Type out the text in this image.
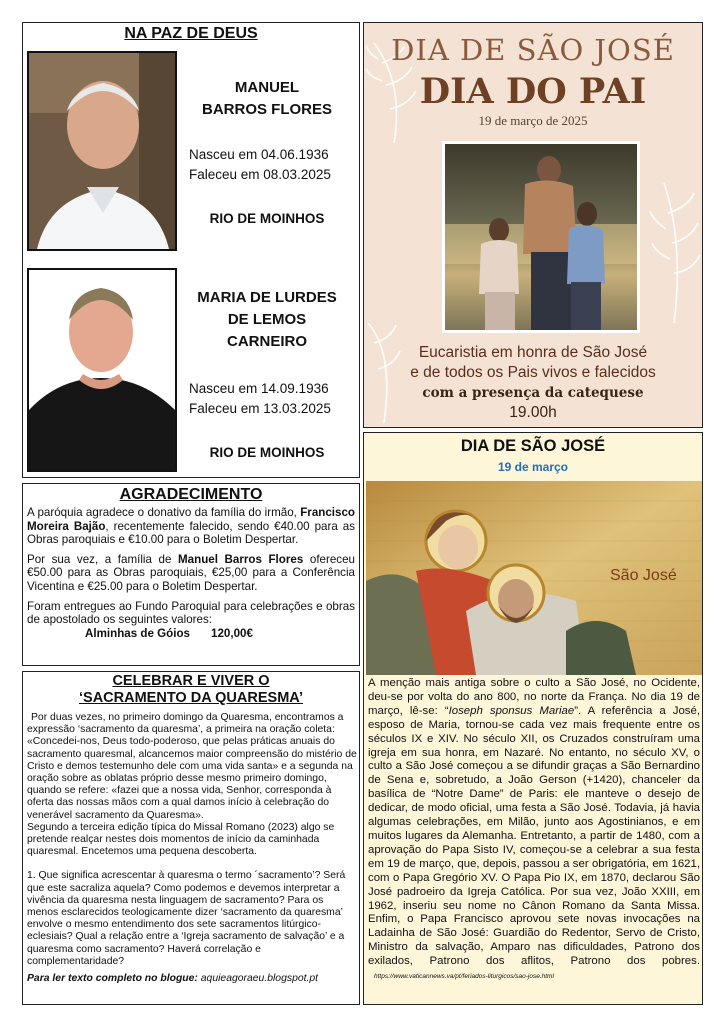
NA PAZ DE DEUS
MANUEL
BARROS FLORES
Nasceu em 04.06.1936
Faleceu em 08.03.2025
RIO DE MOINHOS
MARIA DE LURDES
DE LEMOS
CARNEIRO
Nasceu em 14.09.1936
Faleceu em 13.03.2025
RIO DE MOINHOS
AGRADECIMENTO

A paróquia agradece o donativo da família do irmão, Francisco Moreira Bajão, recentemente falecido, sendo €40.00 para as Obras paroquiais e €10.00 para o Boletim Despertar.

Por sua vez, a família de Manuel Barros Flores ofereceu €50.00 para as Obras paroquiais, €25,00 para a Conferência Vicentina e €25.00 para o Boletim Despertar.

Foram entregues ao Fundo Paroquial para celebrações e obras de apostolado os seguintes valores:

Alminhas de Góios 120,00€
CELEBRAR E VIVER O
‘SACRAMENTO DA QUARESMA’

Por duas vezes, no primeiro domingo da Quaresma, encontramos a expressão ‘sacramento da quaresma’, a primeira na oração coleta: «Concedei-nos, Deus todo-poderoso, que pelas práticas anuais do sacramento quaresmal, alcancemos maior compreensão do mistério de Cristo e demos testemunho dele com uma vida santa» e a segunda na oração sobre as oblatas próprio desse mesmo primeiro domingo, quando se refere: «fazei que a nossa vida, Senhor, corresponda à oferta das nossas mãos com a qual damos início à celebração do venerável sacramento da Quaresma».

Segundo a terceira edição típica do Missal Romano (2023) algo se pretende realçar nestes dois momentos de início da caminhada quaresmal. Encetemos uma pequena descoberta.

1. Que significa acrescentar à quaresma o termo ´sacramento’? Será que este sacraliza aquela? Como podemos e devemos interpretar a vivência da quaresma nesta linguagem de sacramento? Para os menos esclarecidos teologicamente dizer ‘sacramento da quaresma’ envolve o mesmo entendimento dos sete sacramentos litúrgico-eclesiais? Qual a relação entre a ‘Igreja sacramento de salvação’ e a quaresma como sacramento? Haverá correlação e complementaridade?

Para ler texto completo no blogue: aquieagoraeu.blogspot.pt

DIA DE SÃO JOSÉ
DIA DO PAI
19 de março de 2025
Eucaristia em honra de São José
e de todos os Pais vivos e falecidos
com a presença da catequese
19.00h
DIA DE SÃO JOSÉ
19 de março
São José
A menção mais antiga sobre o culto a São José, no Ocidente, deu-se por volta do ano 800, no norte da França. No dia 19 de março, lê-se: “Ioseph sponsus Mariae”. A referência a José, esposo de Maria, tornou-se cada vez mais frequente entre os séculos IX e XIV. No século XII, os Cruzados construíram uma igreja em sua honra, em Nazaré. No entanto, no século XV, o culto a São José começou a se difundir graças a São Bernardino de Sena e, sobretudo, a João Gerson (+1420), chanceler da basílica de “Notre Dame” de Paris: ele manteve o desejo de dedicar, de modo oficial, uma festa a São José. Todavia, já havia algumas celebrações, em Milão, junto aos Agostinianos, e em muitos lugares da Alemanha. Entretanto, a partir de 1480, com a aprovação do Papa Sisto IV, começou-se a celebrar a sua festa em 19 de março, que, depois, passou a ser obrigatória, em 1621, com o Papa Gregório XV. O Papa Pio IX, em 1870, declarou São José padroeiro da Igreja Católica. Por sua vez, João XXIII, em 1962, inseriu seu nome no Cânon Romano da Santa Missa. Enfim, o Papa Francisco aprovou sete novas invocações na Ladainha de São José: Guardião do Redentor, Servo de Cristo, Ministro da salvação, Amparo nas dificuldades, Patrono dos exilados, Patrono dos aflitos, Patrono dos pobres. https://www.vaticannews.va/pt/feriados-liturgicos/sao-jose.html
